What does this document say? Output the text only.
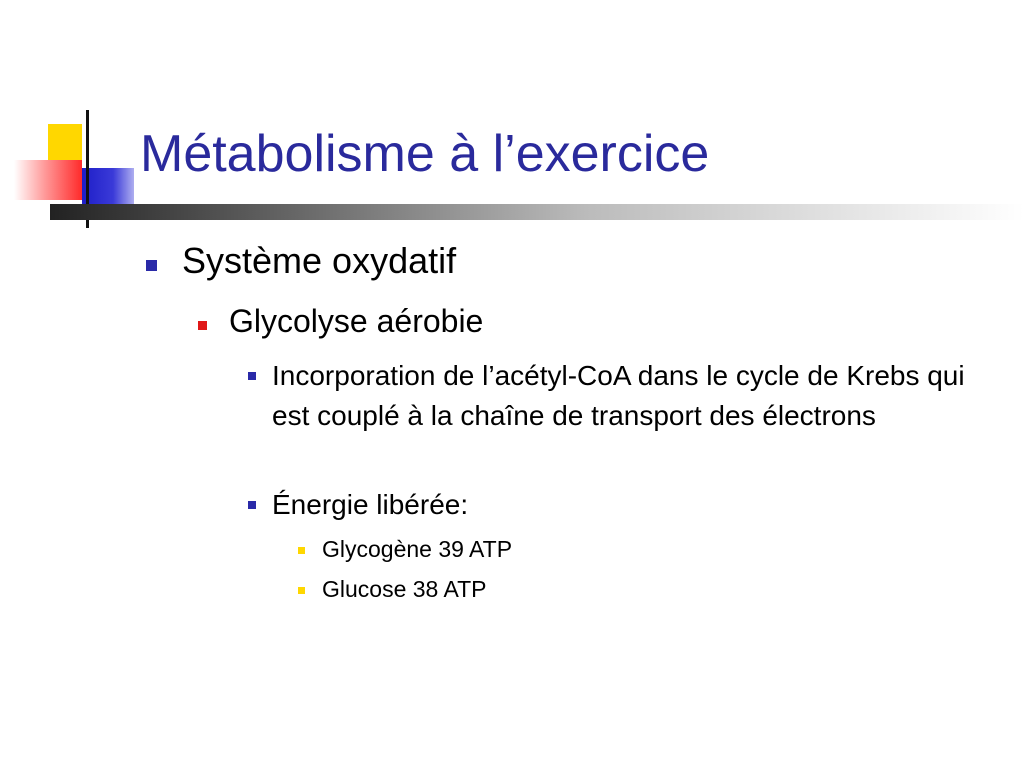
Métabolisme à l’exercice
Système oxydatif
Glycolyse aérobie
Incorporation de l’acétyl-CoA dans le cycle de Krebs qui est couplé à la chaîne de transport des électrons
Énergie libérée:
Glycogène 39 ATP
Glucose 38 ATP
